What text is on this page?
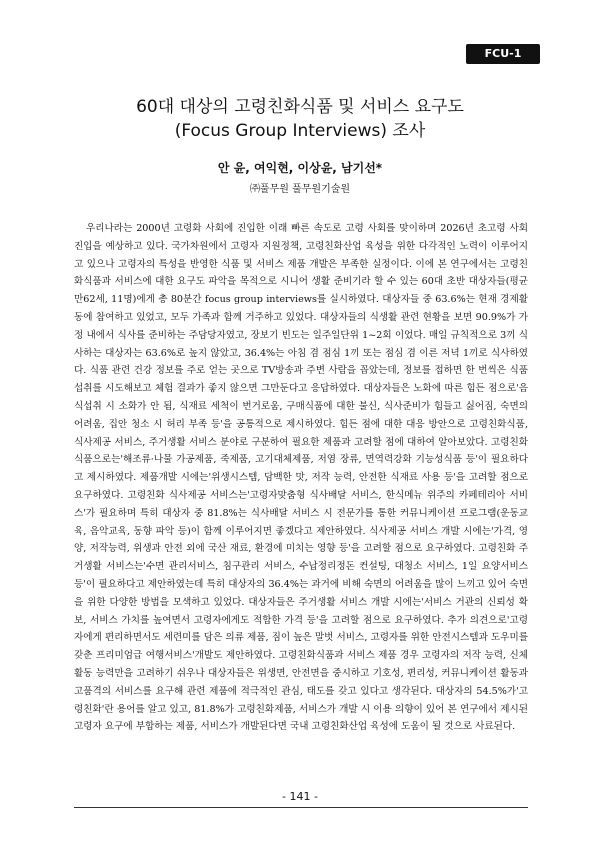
FCU-1
60대 대상의 고령친화식품 및 서비스 요구도
(Focus Group Interviews) 조사
안 윤, 여익현, 이상윤, 남기선*
㈜풀무원 풀무원기술원

우리나라는 2000년 고령화 사회에 진입한 이래 빠른 속도로 고령 사회를 맞이하며 2026년 초고령 사회 진입을 예상하고 있다. 국가차원에서 고령자 지원정책, 고령친화산업 육성을 위한 다각적인 노력이 이루어지고 있으나 고령자의 특성을 반영한 식품 및 서비스 제품 개발은 부족한 실정이다. 이에 본 연구에서는 고령친화식품과 서비스에 대한 요구도 파악을 목적으로 시니어 생활 준비기라 할 수 있는 60대 초반 대상자들(평균 만62세, 11명)에게 총 80분간 focus group interviews를 실시하였다. 대상자들 중 63.6%는 현재 경제활동에 참여하고 있었고, 모두 가족과 함께 거주하고 있었다. 대상자들의 식생활 관련 현황을 보면 90.9%가 가정 내에서 식사를 준비하는 주담당자였고, 장보기 빈도는 일주일단위 1~2회 이었다. 매일 규칙적으로 3끼 식사하는 대상자는 63.6%로 높지 않았고, 36.4%는 아침 겸 점심 1끼 또는 점심 겸 이른 저녁 1끼로 식사하였다. 식품 관련 건강 정보를 주로 얻는 곳으로 TV방송과 주변 사람을 꼽았는데, 정보를 접하면 한 번씩은 식품 섭취를 시도해보고 체험 결과가 좋지 않으면 그만둔다고 응답하였다. 대상자들은 노화에 따른 힘든 점으로'음식섭취 시 소화가 안 됨, 식재료 세척이 번거로움, 구매식품에 대한 불신, 식사준비가 힘들고 싫어짐, 숙면의 어려움, 집안 청소 시 허리 부족 등'을 공통적으로 제시하였다. 힘든 점에 대한 대응 방안으로 고령친화식품, 식사제공 서비스, 주거생활 서비스 분야로 구분하여 필요한 제품과 고려할 점에 대하여 알아보았다. 고령친화식품으로는'해조류·나물 가공제품, 죽제품, 고기대체제품, 저염 장류, 면역력강화 기능성식품 등'이 필요하다고 제시하였다. 제품개발 시에는'위생시스템, 담백한 맛, 저작 능력, 안전한 식재료 사용 등'을 고려할 점으로 요구하였다. 고령친화 식사제공 서비스는'고령자맞춤형 식사배달 서비스, 한식메뉴 위주의 카페테리아 서비스'가 필요하며 특히 대상자 중 81.8%는 식사배달 서비스 시 전문가를 통한 커뮤니케이션 프로그램(운동교육, 음악교육, 동향 파악 등)이 함께 이루어지면 좋겠다고 제안하였다. 식사제공 서비스 개발 시에는'가격, 영양, 저작능력, 위생과 안전 외에 국산 재료, 환경에 미치는 영향 등'을 고려할 점으로 요구하였다. 고령친화 주거생활 서비스는'수면 관리서비스, 침구관리 서비스, 수납정리정돈 컨설팅, 대청소 서비스, 1일 요양서비스 등'이 필요하다고 제안하였는데 특히 대상자의 36.4%는 과거에 비해 숙면의 어려움을 많이 느끼고 있어 숙면을 위한 다양한 방법을 모색하고 있었다. 대상자들은 주거생활 서비스 개발 시에는'서비스 거관의 신뢰성 확보, 서비스 가치를 높여면서 고령자에게도 적합한 가격 등'을 고려할 점으로 요구하였다. 추가 의견으로'고령자에게 편리하면서도 세련미를 담은 의류 제품, 짐이 높은 말벗 서비스, 고령자를 위한 안전시스템과 도우미를 갖춘 프리미엄급 여행서비스'개발도 제안하였다. 고령친화식품과 서비스 제품 경우 고령자의 저작 능력, 신체활동 능력만을 고려하기 쉬우나 대상자들은 위생면, 안전면을 중시하고 기호성, 편리성, 커뮤니케이션 활동과 고품격의 서비스를 요구해 관련 제품에 적극적인 관심, 태도를 갖고 있다고 생각된다. 대상자의 54.5%가'고령친화'란 용어를 알고 있고, 81.8%가 고령친화제품, 서비스가 개발 시 이용 의향이 있어 본 연구에서 제시된 고령자 요구에 부합하는 제품, 서비스가 개발된다면 국내 고령친화산업 육성에 도움이 될 것으로 사료된다.

- 141 -
